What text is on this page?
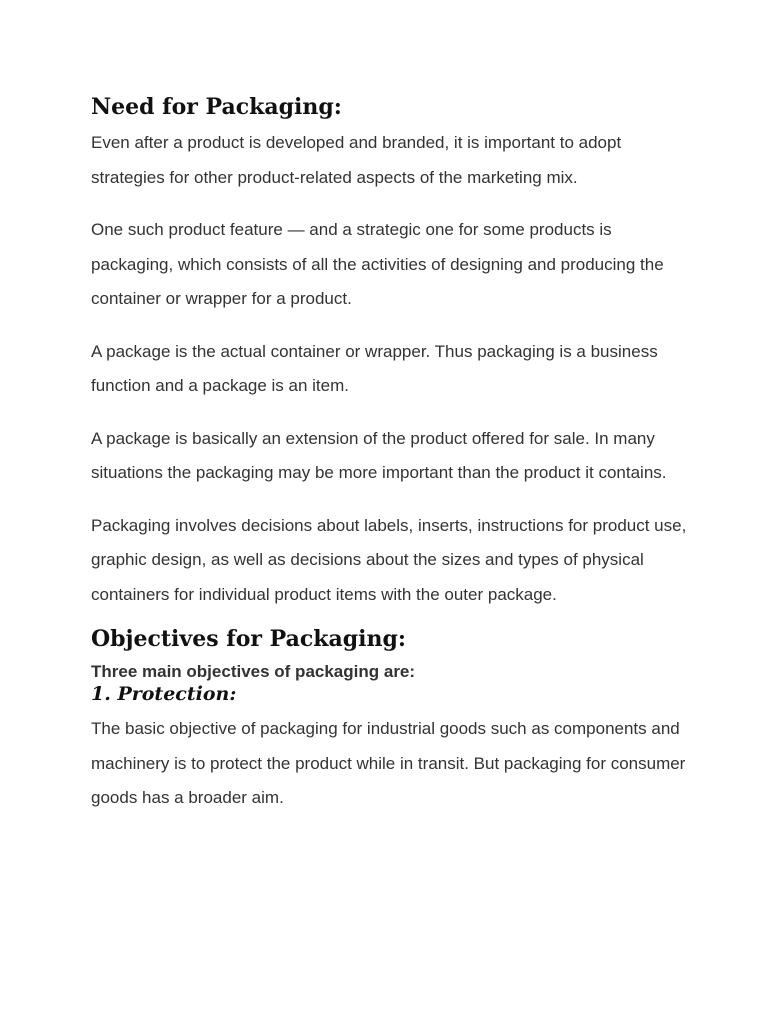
Need for Packaging:

Even after a product is developed and branded, it is important to adopt strategies for other product-related aspects of the marketing mix.

One such product feature — and a strategic one for some products is packaging, which consists of all the activities of designing and producing the container or wrapper for a product.

A package is the actual container or wrapper. Thus packaging is a business function and a package is an item.

A package is basically an extension of the product offered for sale. In many situations the packaging may be more important than the product it contains.

Packaging involves decisions about labels, inserts, instructions for product use, graphic design, as well as decisions about the sizes and types of physical containers for individual product items with the outer package.

Objectives for Packaging:

Three main objectives of packaging are:

1. Protection:

The basic objective of packaging for industrial goods such as components and machinery is to protect the product while in transit. But packaging for consumer goods has a broader aim.
